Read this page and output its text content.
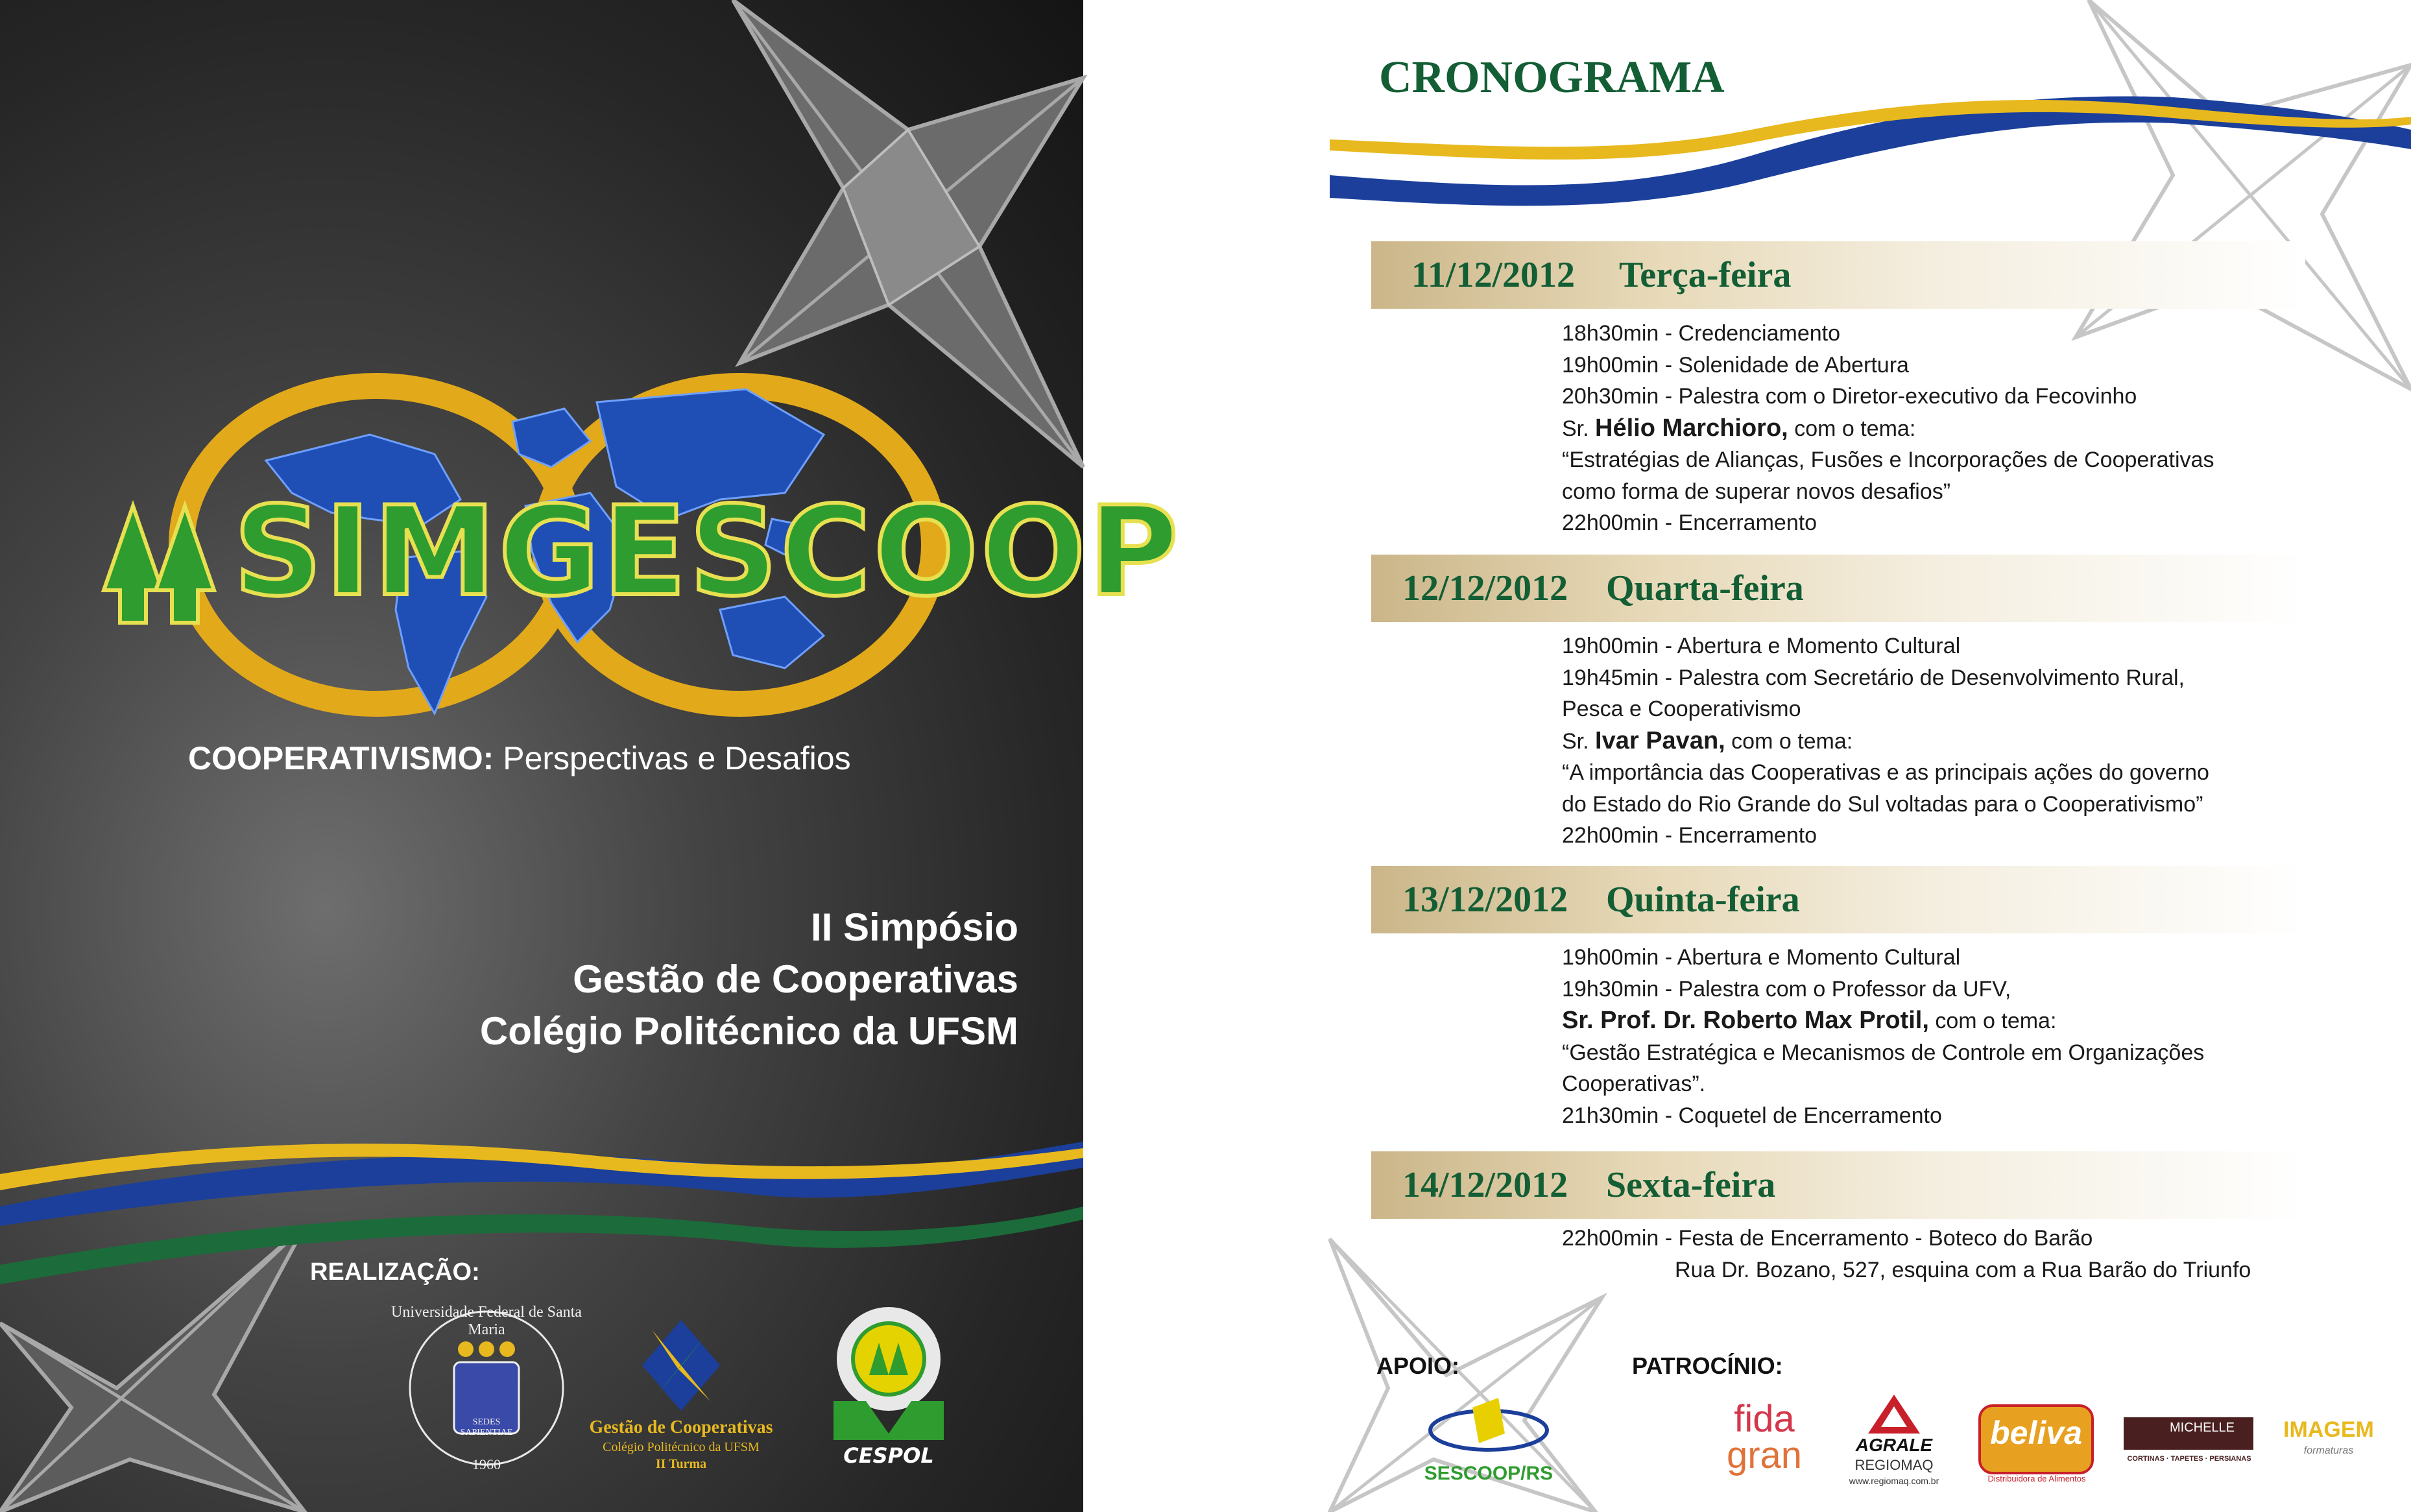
SIMGESCOOP
COOPERATIVISMO: Perspectivas e Desafios
II Simpósio
Gestão de Cooperativas
Colégio Politécnico da UFSM
REALIZAÇÃO:
Universidade Federal de Santa Maria
SEDES SAPIENTIAE
1960
Gestão de Cooperativas
Colégio Politécnico da UFSM
II Turma	CESPOL
CRONOGRAMA
11/12/2012 Terça-feira
18h30min - Credenciamento
19h00min - Solenidade de Abertura
20h30min - Palestra com o Diretor-executivo da Fecovinho
Sr. Hélio Marchioro, com o tema:
“Estratégias de Alianças, Fusões e Incorporações de Cooperativas
como forma de superar novos desafios”
22h00min - Encerramento
12/12/2012 Quarta-feira
19h00min - Abertura e Momento Cultural
19h45min - Palestra com Secretário de Desenvolvimento Rural,
Pesca e Cooperativismo
Sr. Ivar Pavan, com o tema:
“A importância das Cooperativas e as principais ações do governo
do Estado do Rio Grande do Sul voltadas para o Cooperativismo”
22h00min - Encerramento
13/12/2012 Quinta-feira
19h00min - Abertura e Momento Cultural
19h30min - Palestra com o Professor da UFV,
Sr. Prof. Dr. Roberto Max Protil, com o tema:
“Gestão Estratégica e Mecanismos de Controle em Organizações
Cooperativas”.
21h30min - Coquetel de Encerramento
14/12/2012 Sexta-feira
22h00min - Festa de Encerramento - Boteco do Barão
Rua Dr. Bozano, 527, esquina com a Rua Barão do Triunfo
APOIO:	PATROCÍNIO:
SESCOOP/RS
fida
gran	AGRALE
REGIOMAQ
www.regiomaq.com.br
beliva
Distribuidora de Alimentos
MICHELLE
CORTINAS · TAPETES · PERSIANAS
IMAGEM
formaturas
